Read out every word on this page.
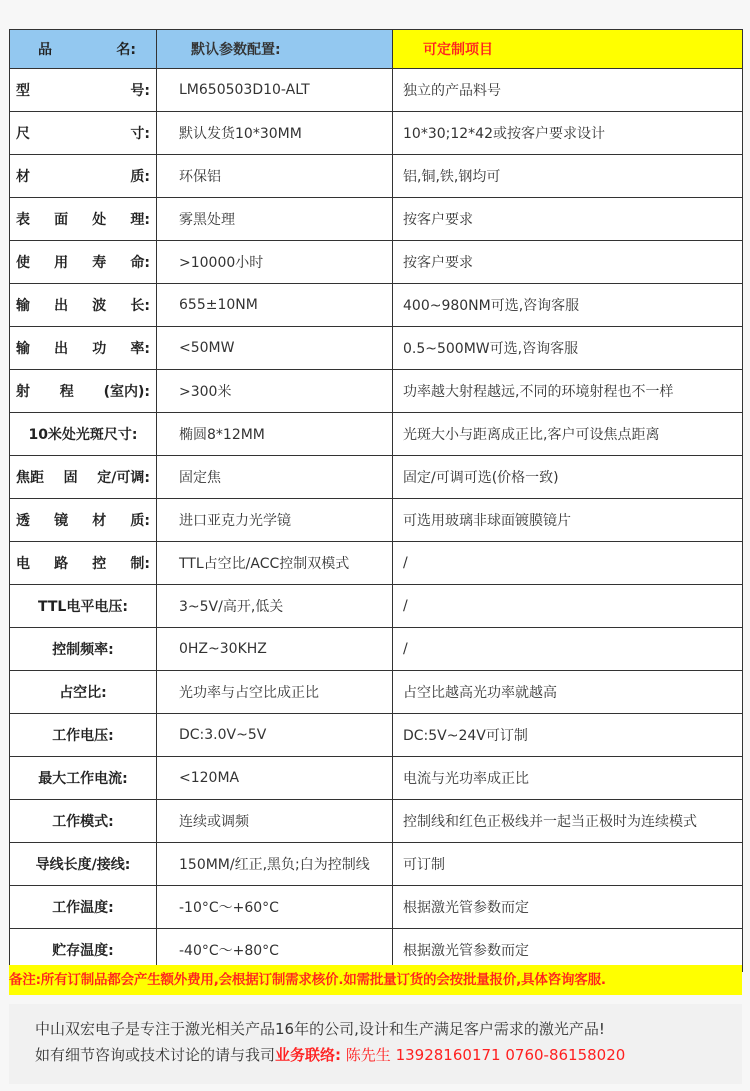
品 名:	默认参数配置:	可定制项目

型 号:	LM650503D10-ALT	独立的产品料号

尺 寸:	默认发货10*30MM	10*30;12*42或按客户要求设计

材 质:	环保铝	铝,铜,铁,钢均可

表 面 处 理:	雾黑处理	按客户要求

使 用 寿 命:	>10000小时	按客户要求

输 出 波 长:	655±10NM	400~980NM可选,咨询客服

输 出 功 率:	<50MW	0.5~500MW可选,咨询客服

射 程 (室内):	>300米	功率越大射程越远,不同的环境射程也不一样
10米处光斑尺寸:	椭圆8*12MM	光斑大小与距离成正比,客户可设焦点距离

焦距 固 定/可调:	固定焦	固定/可调可选(价格一致)

透 镜 材 质:	进口亚克力光学镜	可选用玻璃非球面镀膜镜片

电 路 控 制:	TTL占空比/ACC控制双模式	/
TTL电平电压:	3~5V/高开,低关	/
控制频率:	0HZ~30KHZ	/
占空比:	光功率与占空比成正比	占空比越高光功率就越高
工作电压:	DC:3.0V~5V	DC:5V~24V可订制
最大工作电流:	<120MA	电流与光功率成正比
工作模式:	连续或调频	控制线和红色正极线并一起当正极时为连续模式
导线长度/接线:	150MM/红正,黑负;白为控制线	可订制
工作温度:	-10°C～+60°C	根据激光管参数而定
贮存温度:	-40°C～+80°C	根据激光管参数而定
备注:所有订制品都会产生额外费用,会根据订制需求核价.如需批量订货的会按批量报价,具体咨询客服.
中山双宏电子是专注于激光相关产品16年的公司,设计和生产满足客户需求的激光产品!
如有细节咨询或技术讨论的请与我司业务联络: 陈先生 13928160171 0760-86158020
